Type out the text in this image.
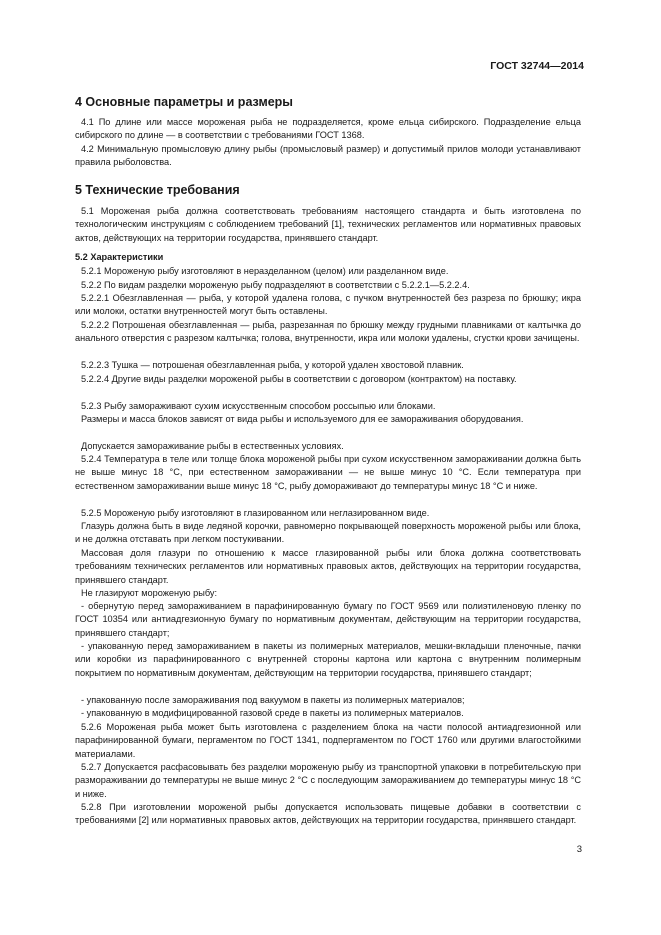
ГОСТ 32744—2014
4 Основные параметры и размеры

4.1 По длине или массе мороженая рыба не подразделяется, кроме ельца сибирского. Подразделение ельца сибирского по длине — в соответствии с требованиями ГОСТ 1368.

4.2 Минимальную промысловую длину рыбы (промысловый размер) и допустимый прилов молоди устанавливают правила рыболовства.

5 Технические требования

5.1 Мороженая рыба должна соответствовать требованиям настоящего стандарта и быть изготовлена по технологическим инструкциям с соблюдением требований [1], технических регламентов или нормативных правовых актов, действующих на территории государства, принявшего стандарт.

5.2 Характеристики

5.2.1 Мороженую рыбу изготовляют в неразделанном (целом) или разделанном виде.

5.2.2 По видам разделки мороженую рыбу подразделяют в соответствии с 5.2.2.1—5.2.2.4.

5.2.2.1 Обезглавленная — рыба, у которой удалена голова, с пучком внутренностей без разреза по брюшку; икра или молоки, остатки внутренностей могут быть оставлены.

5.2.2.2 Потрошеная обезглавленная — рыба, разрезанная по брюшку между грудными плавниками от калтычка до анального отверстия с разрезом калтычка; голова, внутренности, икра или молоки удалены, сгустки крови зачищены.

5.2.2.3 Тушка — потрошеная обезглавленная рыба, у которой удален хвостовой плавник.

5.2.2.4 Другие виды разделки мороженой рыбы в соответствии с договором (контрактом) на поставку.

5.2.3 Рыбу замораживают сухим искусственным способом россыпью или блоками.

Размеры и масса блоков зависят от вида рыбы и используемого для ее замораживания оборудования.

Допускается замораживание рыбы в естественных условиях.

5.2.4 Температура в теле или толще блока мороженой рыбы при сухом искусственном замораживании должна быть не выше минус 18 °С, при естественном замораживании — не выше минус 10 °С. Если температура при естественном замораживании выше минус 18 °С, рыбу домораживают до температуры минус 18 °С и ниже.

5.2.5 Мороженую рыбу изготовляют в глазированном или неглазированном виде.

Глазурь должна быть в виде ледяной корочки, равномерно покрывающей поверхность мороженой рыбы или блока, и не должна отставать при легком постукивании.

Массовая доля глазури по отношению к массе глазированной рыбы или блока должна соответствовать требованиям технических регламентов или нормативных правовых актов, действующих на территории государства, принявшего стандарт.

Не глазируют мороженую рыбу:

- обернутую перед замораживанием в парафинированную бумагу по ГОСТ 9569 или полиэтиленовую пленку по ГОСТ 10354 или антиадгезионную бумагу по нормативным документам, действующим на территории государства, принявшего стандарт;

- упакованную перед замораживанием в пакеты из полимерных материалов, мешки-вкладыши пленочные, пачки или коробки из парафинированного с внутренней стороны картона или картона с внутренним полимерным покрытием по нормативным документам, действующим на территории государства, принявшего стандарт;

- упакованную после замораживания под вакуумом в пакеты из полимерных материалов;

- упакованную в модифицированной газовой среде в пакеты из полимерных материалов.

5.2.6 Мороженая рыба может быть изготовлена с разделением блока на части полосой антиадгезионной или парафинированной бумаги, пергаментом по ГОСТ 1341, подпергаментом по ГОСТ 1760 или другими влагостойкими материалами.

5.2.7 Допускается расфасовывать без разделки мороженую рыбу из транспортной упаковки в потребительскую при размораживании до температуры не выше минус 2 °С с последующим замораживанием до температуры минус 18 °С и ниже.

5.2.8 При изготовлении мороженой рыбы допускается использовать пищевые добавки в соответствии с требованиями [2] или нормативных правовых актов, действующих на территории государства, принявшего стандарт.

3
